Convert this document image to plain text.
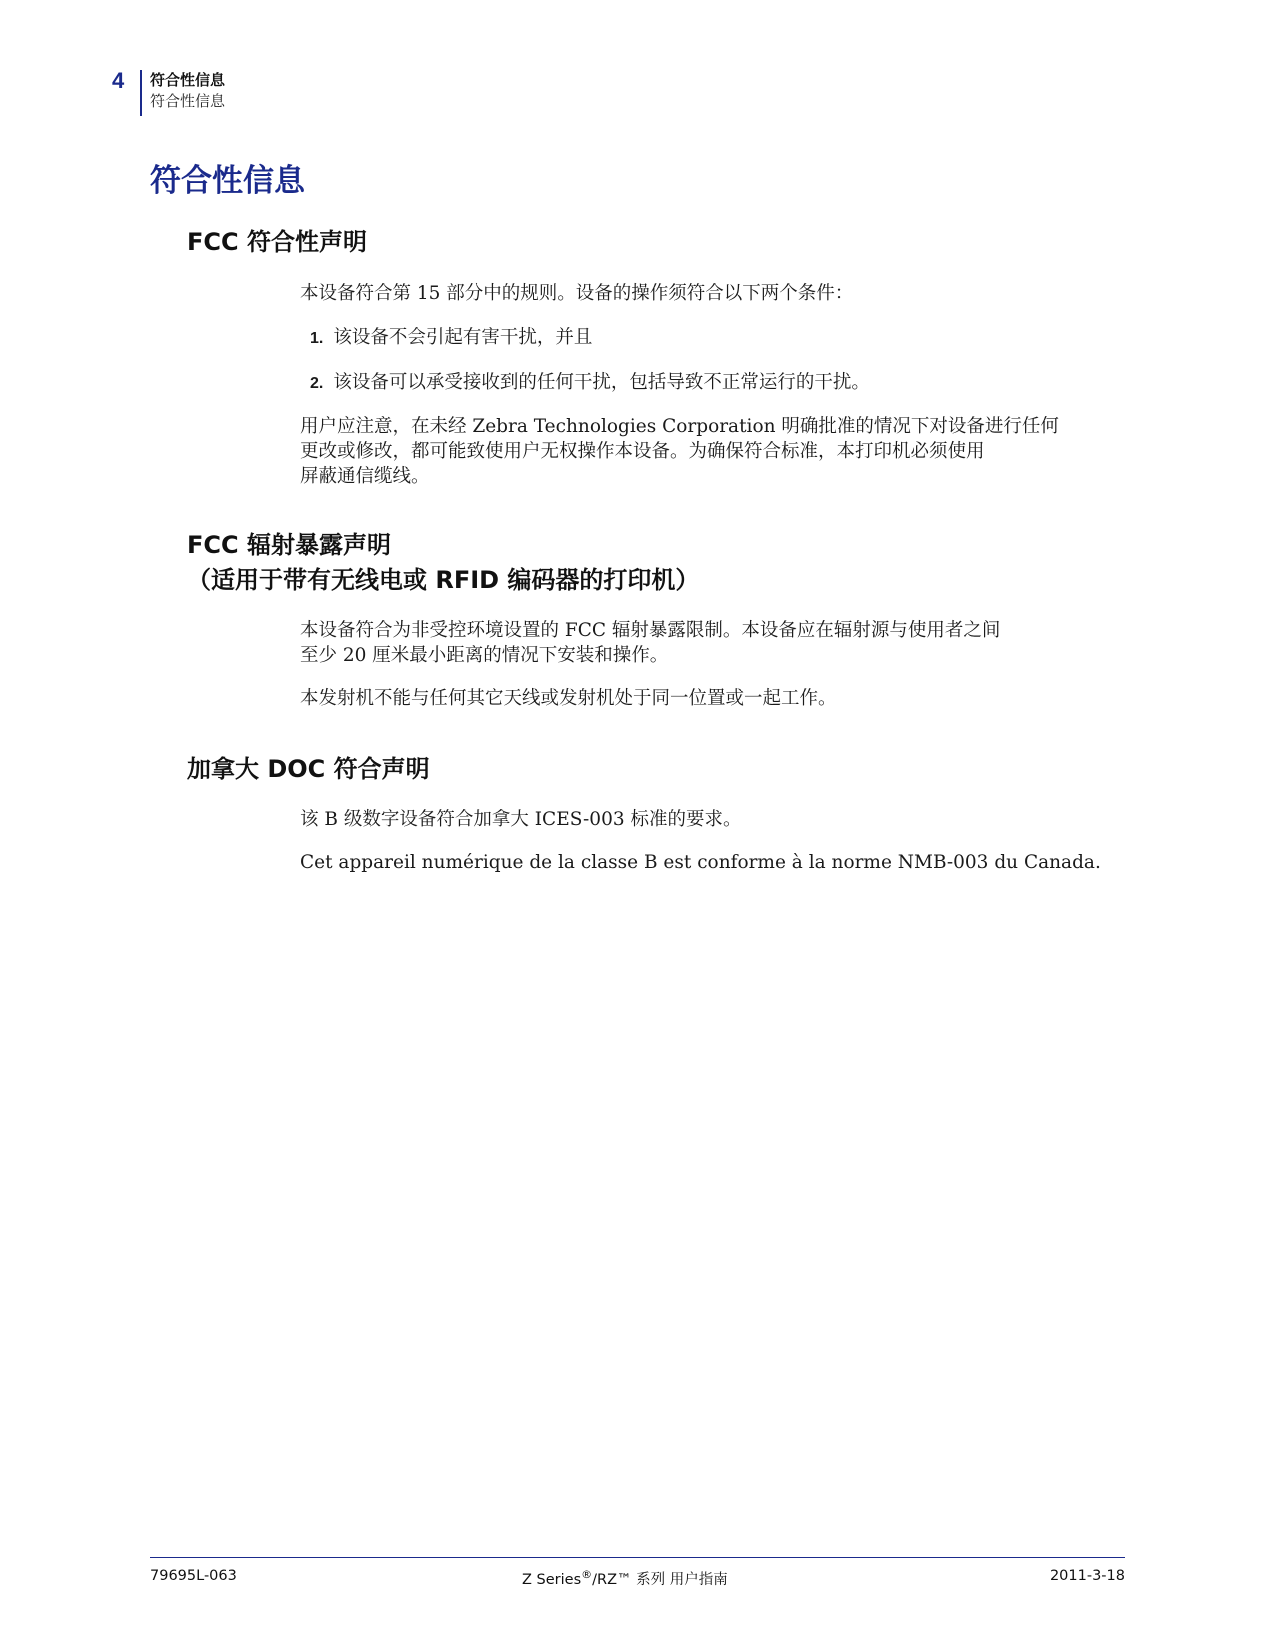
4 符合性信息
符合性信息
符合性信息
FCC 符合性声明
本设备符合第 15 部分中的规则。设备的操作须符合以下两个条件：
1. 该设备不会引起有害干扰，并且
2. 该设备可以承受接收到的任何干扰，包括导致不正常运行的干扰。
用户应注意，在未经 Zebra Technologies Corporation 明确批准的情况下对设备进行任何
更改或修改，都可能致使用户无权操作本设备。为确保符合标准，本打印机必须使用
屏蔽通信缆线。
FCC 辐射暴露声明
（适用于带有无线电或 RFID 编码器的打印机）
本设备符合为非受控环境设置的 FCC 辐射暴露限制。本设备应在辐射源与使用者之间
至少 20 厘米最小距离的情况下安装和操作。
本发射机不能与任何其它天线或发射机处于同一位置或一起工作。
加拿大 DOC 符合声明
该 B 级数字设备符合加拿大 ICES-003 标准的要求。
Cet appareil numérique de la classe B est conforme à la norme NMB-003 du Canada.
79695L-063	Z Series®/RZ™ 系列 用户指南	2011-3-18
